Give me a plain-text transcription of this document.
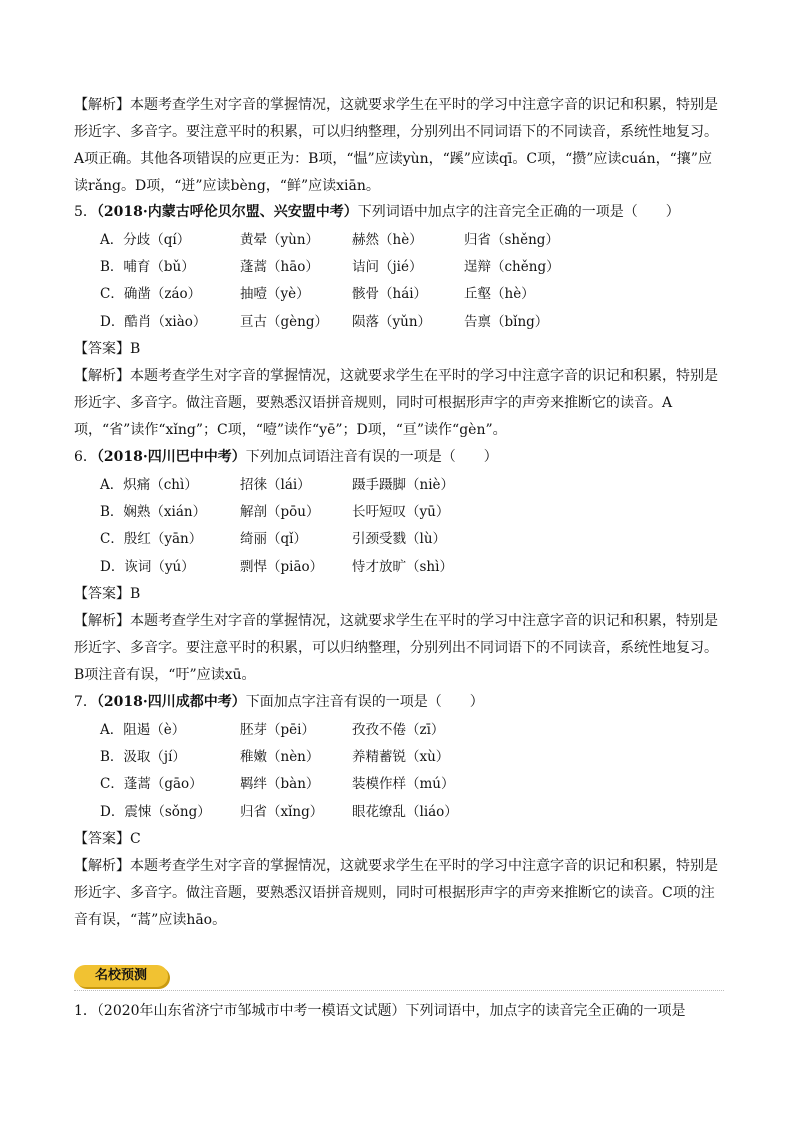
【解析】本题考查学生对字音的掌握情况，这就要求学生在平时的学习中注意字音的识记和积累，特别是形近字、多音字。要注意平时的积累，可以归纳整理，分别列出不同词语下的不同读音，系统性地复习。A项正确。其他各项错误的应更正为：B项，“愠”应读yùn，“蹊”应读qī。C项，“攒”应读cuán，“攘”应读rǎng。D项，“迸”应读bèng，“鲜”应读xiān。

5．（2018·内蒙古呼伦贝尔盟、兴安盟中考）下列词语中加点字的注音完全正确的一项是（　　）
A．分歧（qí）	黄晕（yùn） 赫然（hè）	归省（shěng）
B．哺育（bǔ）	蓬蒿（hāo） 诘问（jié）	逞辩（chěng）
C．确凿（záo）	抽噎（yè）	骸骨（hái）	丘壑（hè）
D．酷肖（xiào） 亘古（gèng） 陨落（yǔn） 告禀（bǐng）
【答案】B

【解析】本题考查学生对字音的掌握情况，这就要求学生在平时的学习中注意字音的识记和积累，特别是形近字、多音字。做注音题，要熟悉汉语拼音规则，同时可根据形声字的声旁来推断它的读音。A项，“省”读作“xǐng”；C项，“噎”读作“yē”；D项，“亘”读作“gèn”。

6．（2018·四川巴中中考）下列加点词语注音有误的一项是（　　）
A．炽痛（chì）	招徕（lái）	蹑手蹑脚（niè）
B．娴熟（xián）	解剖（pōu） 长吁短叹（yū）
C．殷红（yān）	绮丽（qǐ）	引颈受戮（lù）
D．诙词（yú）	剽悍（piāo） 恃才放旷（shì）
【答案】B

【解析】本题考查学生对字音的掌握情况，这就要求学生在平时的学习中注意字音的识记和积累，特别是形近字、多音字。要注意平时的积累，可以归纳整理，分别列出不同词语下的不同读音，系统性地复习。B项注音有误，“吁”应读xū。

7．（2018·四川成都中考）下面加点字注音有误的一项是（　　）
A．阻遏（è）	胚芽（pēi）	孜孜不倦（zī）
B．汲取（jí）	稚嫩（nèn） 养精蓄锐（xù）
C．蓬蒿（gāo）	羁绊（bàn） 装模作样（mú）
D．震悚（sǒng） 归省（xǐng） 眼花缭乱（liáo）
【答案】C

【解析】本题考查学生对字音的掌握情况，这就要求学生在平时的学习中注意字音的识记和积累，特别是形近字、多音字。做注音题，要熟悉汉语拼音规则，同时可根据形声字的声旁来推断它的读音。C项的注音有误，“蒿”应读hāo。

名校预测
1．（2020年山东省济宁市邹城市中考一模语文试题）下列词语中，加点字的读音完全正确的一项是
